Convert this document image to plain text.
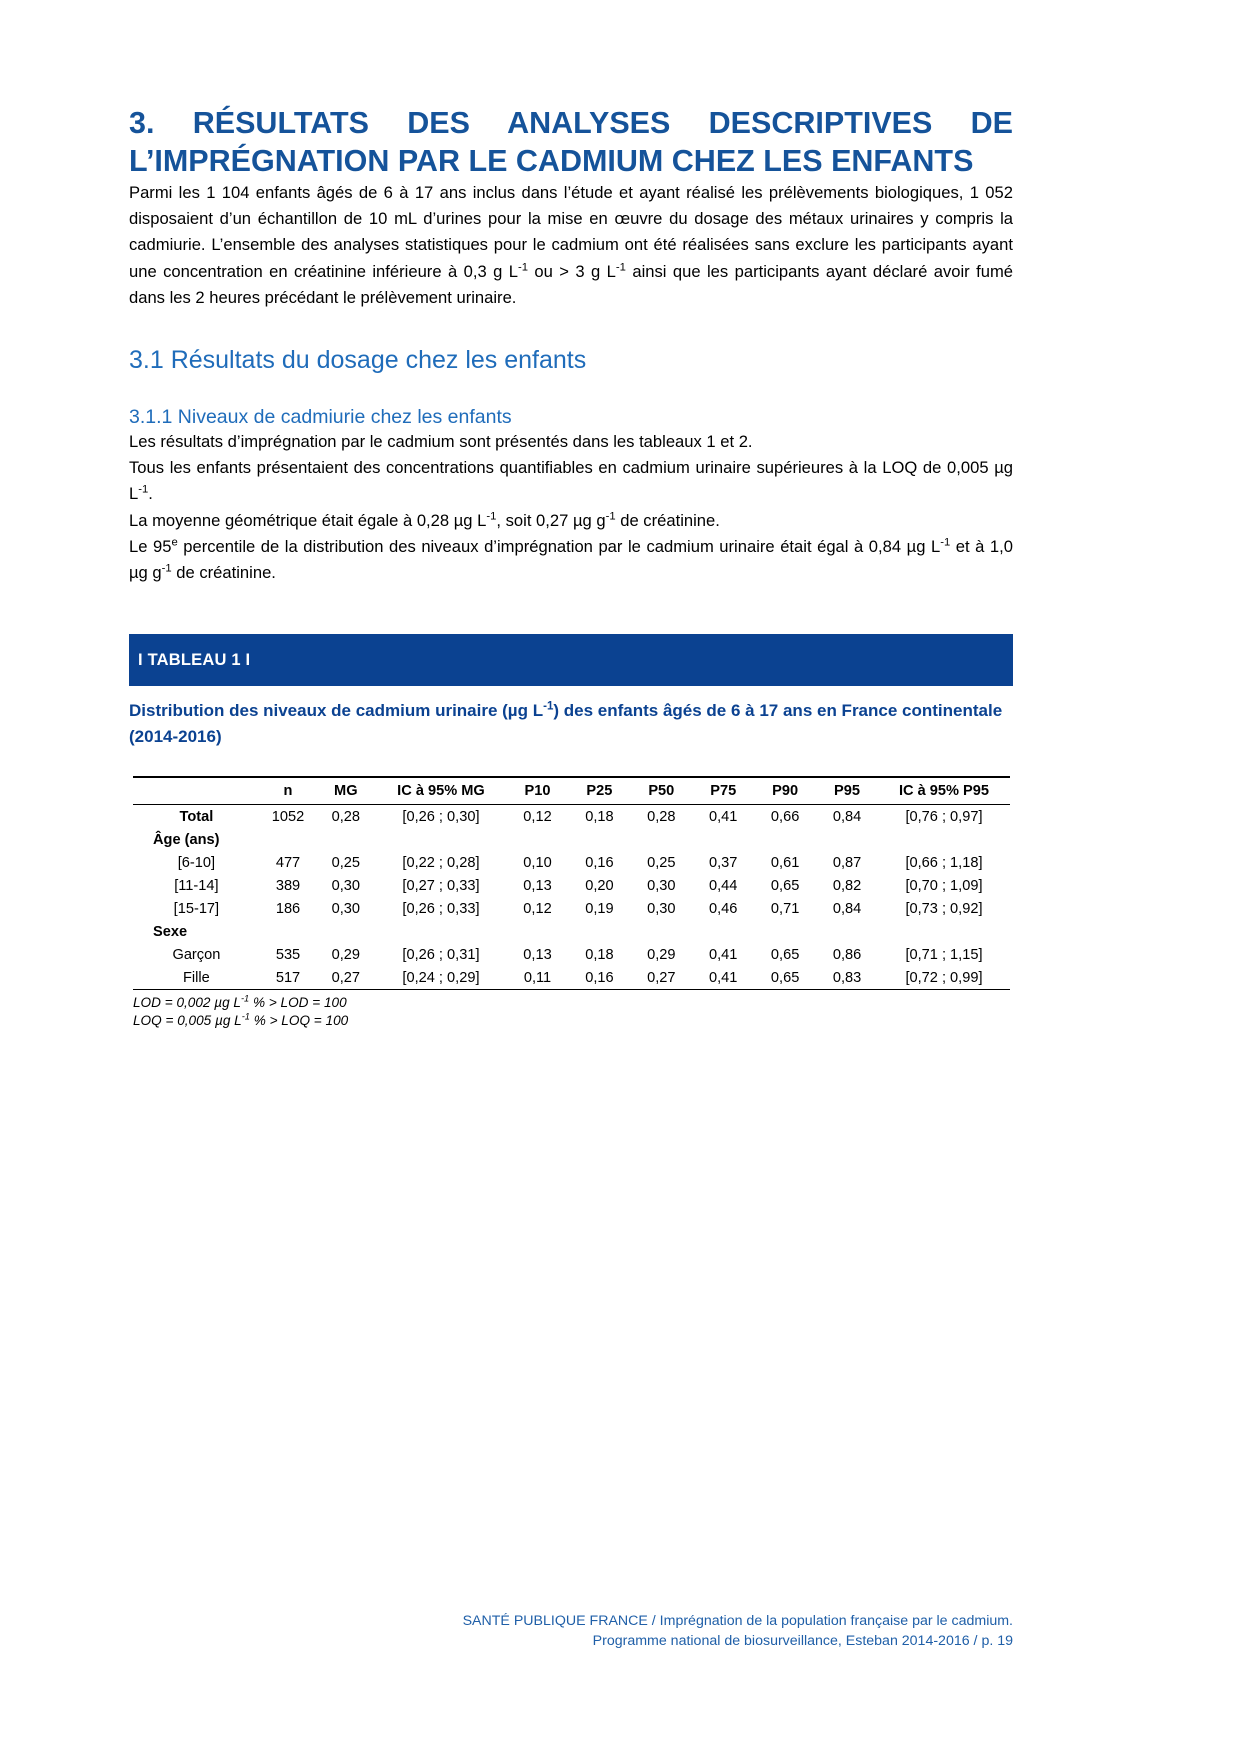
3. RÉSULTATS DES ANALYSES DESCRIPTIVES DE L’IMPRÉGNATION PAR LE CADMIUM CHEZ LES ENFANTS

Parmi les 1 104 enfants âgés de 6 à 17 ans inclus dans l’étude et ayant réalisé les prélèvements biologiques, 1 052 disposaient d’un échantillon de 10 mL d’urines pour la mise en œuvre du dosage des métaux urinaires y compris la cadmiurie. L’ensemble des analyses statistiques pour le cadmium ont été réalisées sans exclure les participants ayant une concentration en créatinine inférieure à 0,3 g $L^{-1}$ ou > 3 g $L^{-1}$ ainsi que les participants ayant déclaré avoir fumé dans les 2 heures précédant le prélèvement urinaire.

3.1 Résultats du dosage chez les enfants
3.1.1 Niveaux de cadmiurie chez les enfants

Les résultats d’imprégnation par le cadmium sont présentés dans les tableaux 1 et 2.

Tous les enfants présentaient des concentrations quantifiables en cadmium urinaire supérieures à la LOQ de 0,005 µg $L^{-1}$.

La moyenne géométrique était égale à 0,28 µg $L^{-1}$, soit 0,27 µg $g^{-1}$ de créatinine.

Le 95e percentile de la distribution des niveaux d’imprégnation par le cadmium urinaire était égal à 0,84 µg $L^{-1}$ et à 1,0 µg $g^{-1}$ de créatinine.

I TABLEAU 1 I
Distribution des niveaux de cadmium urinaire (µg $L^{-1}$) des enfants âgés de 6 à 17 ans en France continentale (2014-2016)
	n	MG	IC à 95% MG	P10	P25	P50	P75	P90	P95	IC à 95% P95
Total	1052	0,28	[0,26 ; 0,30]	0,12	0,18	0,28	0,41	0,66	0,84	[0,76 ; 0,97]
Âge (ans)										
[6-10]	477	0,25	[0,22 ; 0,28]	0,10	0,16	0,25	0,37	0,61	0,87	[0,66 ; 1,18]
[11-14]	389	0,30	[0,27 ; 0,33]	0,13	0,20	0,30	0,44	0,65	0,82	[0,70 ; 1,09]
[15-17]	186	0,30	[0,26 ; 0,33]	0,12	0,19	0,30	0,46	0,71	0,84	[0,73 ; 0,92]
Sexe										
Garçon	535	0,29	[0,26 ; 0,31]	0,13	0,18	0,29	0,41	0,65	0,86	[0,71 ; 1,15]
Fille	517	0,27	[0,24 ; 0,29]	0,11	0,16	0,27	0,41	0,65	0,83	[0,72 ; 0,99]
LOD = 0,002 µg $L^{-1}$ % > LOD = 100
LOQ = 0,005 µg $L^{-1}$ % > LOQ = 100
SANTÉ PUBLIQUE FRANCE / Imprégnation de la population française par le cadmium.
Programme national de biosurveillance, Esteban 2014-2016 / p. 19
